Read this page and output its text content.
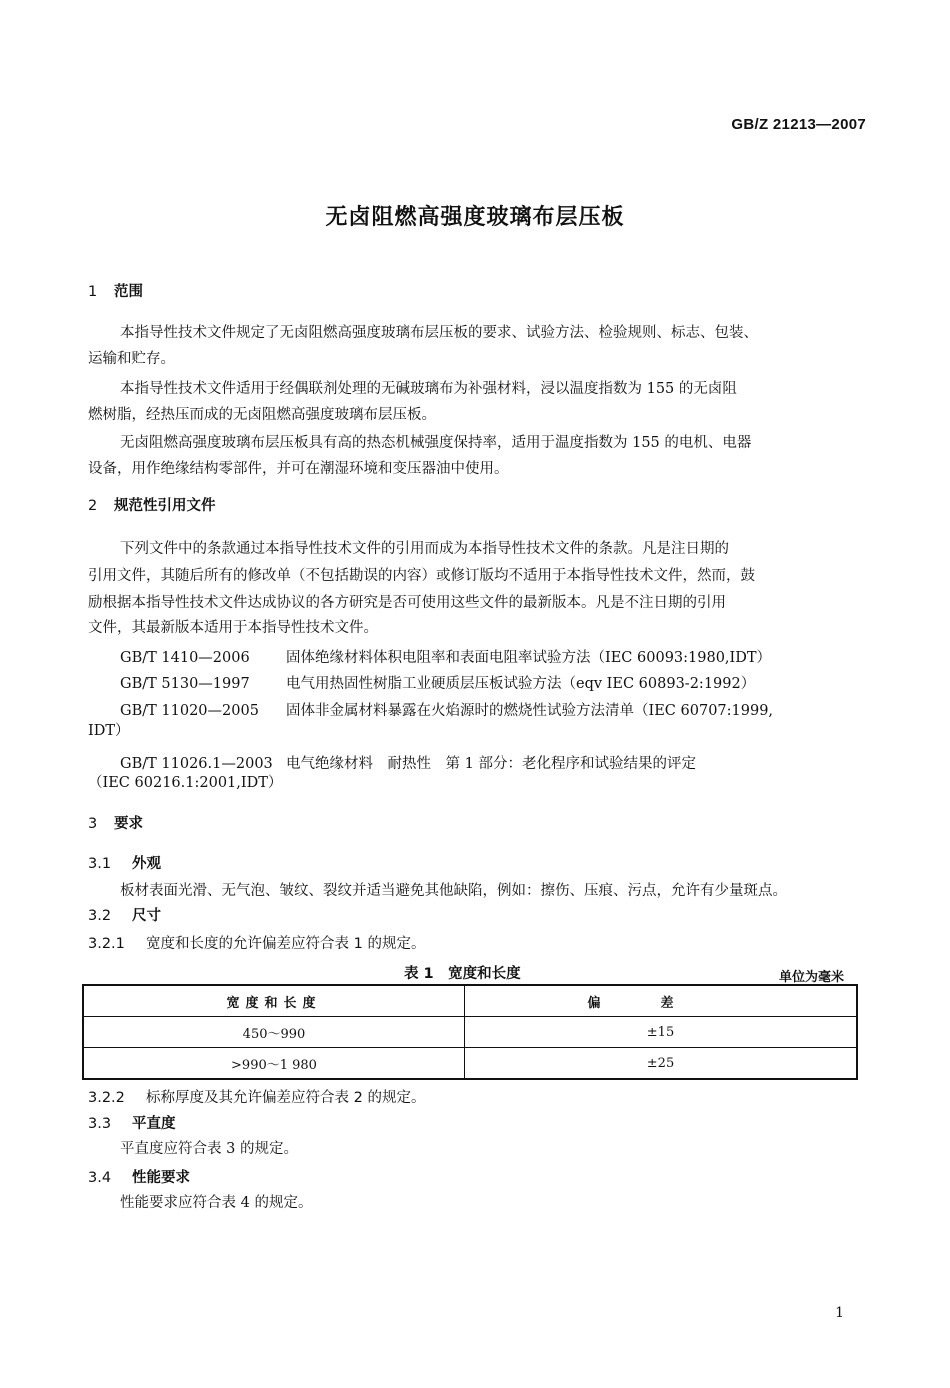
GB/Z 21213—2007
无卤阻燃高强度玻璃布层压板
1 范围
本指导性技术文件规定了无卤阻燃高强度玻璃布层压板的要求、试验方法、检验规则、标志、包装、
运输和贮存。
本指导性技术文件适用于经偶联剂处理的无碱玻璃布为补强材料，浸以温度指数为 155 的无卤阻
燃树脂，经热压而成的无卤阻燃高强度玻璃布层压板。
无卤阻燃高强度玻璃布层压板具有高的热态机械强度保持率，适用于温度指数为 155 的电机、电器
设备，用作绝缘结构零部件，并可在潮湿环境和变压器油中使用。
2 规范性引用文件
下列文件中的条款通过本指导性技术文件的引用而成为本指导性技术文件的条款。凡是注日期的
引用文件，其随后所有的修改单（不包括勘误的内容）或修订版均不适用于本指导性技术文件，然而，鼓
励根据本指导性技术文件达成协议的各方研究是否可使用这些文件的最新版本。凡是不注日期的引用
文件，其最新版本适用于本指导性技术文件。
GB/T 1410—2006	固体绝缘材料体积电阻率和表面电阻率试验方法（IEC 60093:1980,IDT）
GB/T 5130—1997	电气用热固性树脂工业硬质层压板试验方法（eqv IEC 60893-2:1992）
GB/T 11020—2005 固体非金属材料暴露在火焰源时的燃烧性试验方法清单（IEC 60707:1999,
IDT）
GB/T 11026.1—2003 电气绝缘材料　耐热性　第 1 部分：老化程序和试验结果的评定
（IEC 60216.1:2001,IDT）
3 要求
3.1 外观
板材表面光滑、无气泡、皱纹、裂纹并适当避免其他缺陷，例如：擦伤、压痕、污点，允许有少量斑点。
3.2 尺寸
3.2.1 宽度和长度的允许偏差应符合表 1 的规定。
表 1　宽度和长度	单位为毫米
宽度和长度	偏差
450～990	±15
>990～1 980	±25
3.2.2 标称厚度及其允许偏差应符合表 2 的规定。
3.3 平直度
平直度应符合表 3 的规定。
3.4 性能要求
性能要求应符合表 4 的规定。
1
